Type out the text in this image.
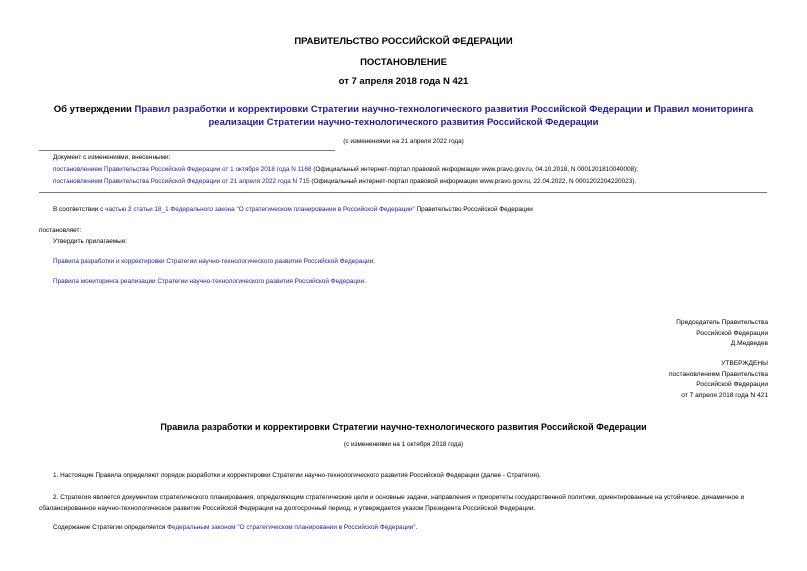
ПРАВИТЕЛЬСТВО РОССИЙСКОЙ ФЕДЕРАЦИИ
ПОСТАНОВЛЕНИЕ
от 7 апреля 2018 года N 421
Об утверждении Правил разработки и корректировки Стратегии научно-технологического развития Российской Федерации и Правил мониторинга реализации Стратегии научно-технологического развития Российской Федерации
(с изменениями на 21 апреля 2022 года)
Документ с изменениями, внесенными:
постановлением Правительства Российской Федерации от 1 октября 2018 года N 1168 (Официальный интернет-портал правовой информации www.pravo.gov.ru, 04.10.2018, N 0001201810040008);
постановлением Правительства Российской Федерации от 21 апреля 2022 года N 715 (Официальный интернет-портал правовой информации www.pravo.gov.ru, 22.04.2022, N 0001202204220023).
В соответствии с частью 2 статьи 18_1 Федерального закона "О стратегическом планировании в Российской Федерации" Правительство Российской Федерации
постановляет:
Утвердить прилагаемые:
Правила разработки и корректировки Стратегии научно-технологического развития Российской Федерации;
Правила мониторинга реализации Стратегии научно-технологического развития Российской Федерации.
Председатель Правительства
Российской Федерации
Д.Медведев
УТВЕРЖДЕНЫ
постановлением Правительства
Российской Федерации
от 7 апреля 2018 года N 421
Правила разработки и корректировки Стратегии научно-технологического развития Российской Федерации
(с изменениями на 1 октября 2018 года)
1. Настоящие Правила определяют порядок разработки и корректировки Стратегии научно-технологического развития Российской Федерации (далее - Стратегия).
2. Стратегия является документом стратегического планирования, определяющим стратегические цели и основные задачи, направления и приоритеты государственной политики, ориентированные на устойчивое, динамичное и сбалансированное научно-технологическое развитие Российской Федерации на долгосрочный период, и утверждается указом Президента Российской Федерации.
Содержание Стратегии определяется Федеральным законом "О стратегическом планировании в Российской Федерации".
